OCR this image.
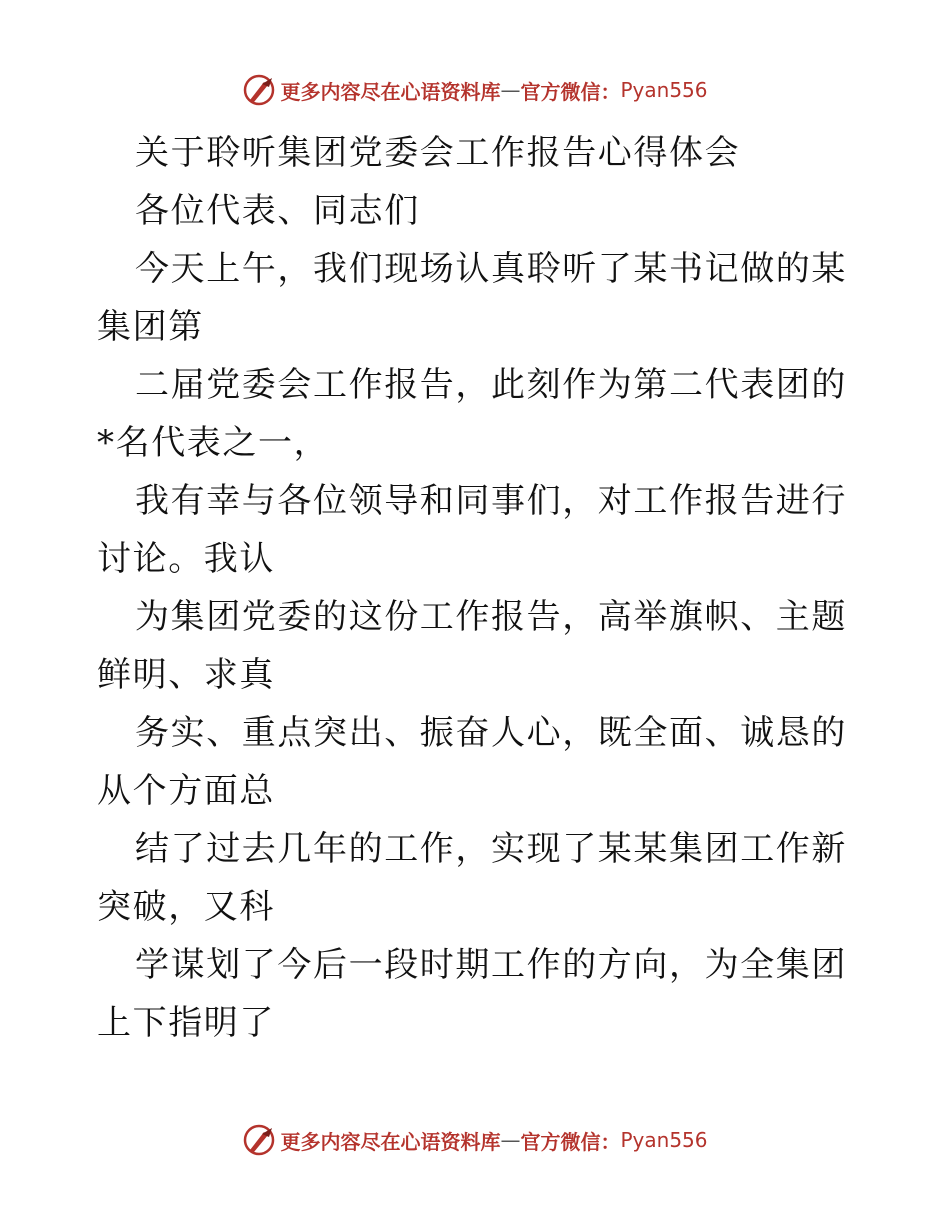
更多内容尽在心语资料库 — 官方微信： Pyan556

关于聆听集团党委会工作报告心得体会

各位代表、同志们

今天上午，我们现场认真聆听了某书记做的某集团第

二届党委会工作报告，此刻作为第二代表团的*名代表之一，

我有幸与各位领导和同事们，对工作报告进行讨论。我认

为集团党委的这份工作报告，高举旗帜、主题鲜明、求真

务实、重点突出、振奋人心，既全面、诚恳的从个方面总

结了过去几年的工作，实现了某某集团工作新突破，又科

学谋划了今后一段时期工作的方向，为全集团上下指明了

更多内容尽在心语资料库 — 官方微信： Pyan556
